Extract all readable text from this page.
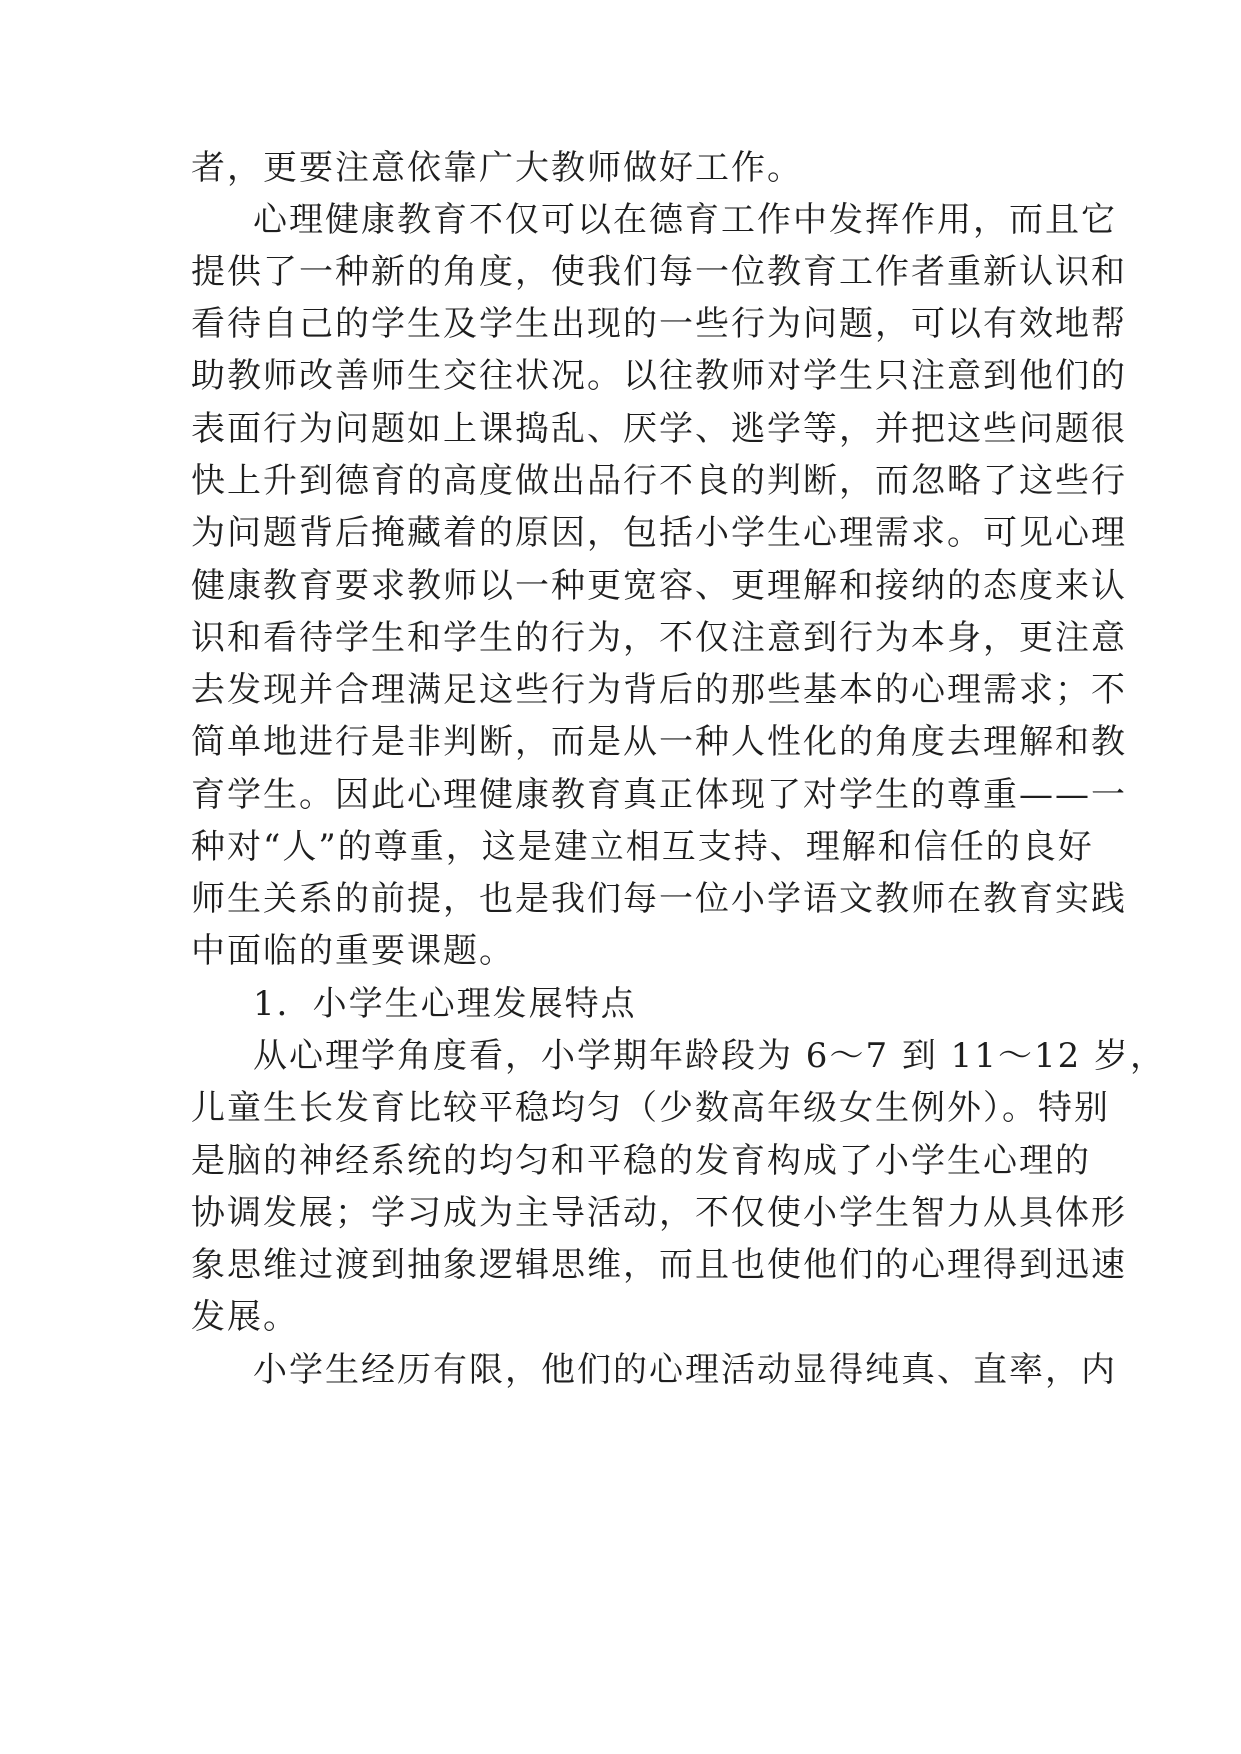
者，更要注意依靠广大教师做好工作。
心理健康教育不仅可以在德育工作中发挥作用，而且它
提供了一种新的角度，使我们每一位教育工作者重新认识和
看待自己的学生及学生出现的一些行为问题，可以有效地帮
助教师改善师生交往状况。以往教师对学生只注意到他们的
表面行为问题如上课捣乱、厌学、逃学等，并把这些问题很
快上升到德育的高度做出品行不良的判断，而忽略了这些行
为问题背后掩藏着的原因，包括小学生心理需求。可见心理
健康教育要求教师以一种更宽容、更理解和接纳的态度来认
识和看待学生和学生的行为，不仅注意到行为本身，更注意
去发现并合理满足这些行为背后的那些基本的心理需求；不
简单地进行是非判断，而是从一种人性化的角度去理解和教
育学生。因此心理健康教育真正体现了对学生的尊重——一
种对“人”的尊重，这是建立相互支持、理解和信任的良好
师生关系的前提，也是我们每一位小学语文教师在教育实践
中面临的重要课题。
1．小学生心理发展特点
从心理学角度看，小学期年龄段为 6～7 到 11～12 岁，
儿童生长发育比较平稳均匀（少数高年级女生例外）。特别
是脑的神经系统的均匀和平稳的发育构成了小学生心理的
协调发展；学习成为主导活动，不仅使小学生智力从具体形
象思维过渡到抽象逻辑思维，而且也使他们的心理得到迅速
发展。
小学生经历有限，他们的心理活动显得纯真、直率，内
